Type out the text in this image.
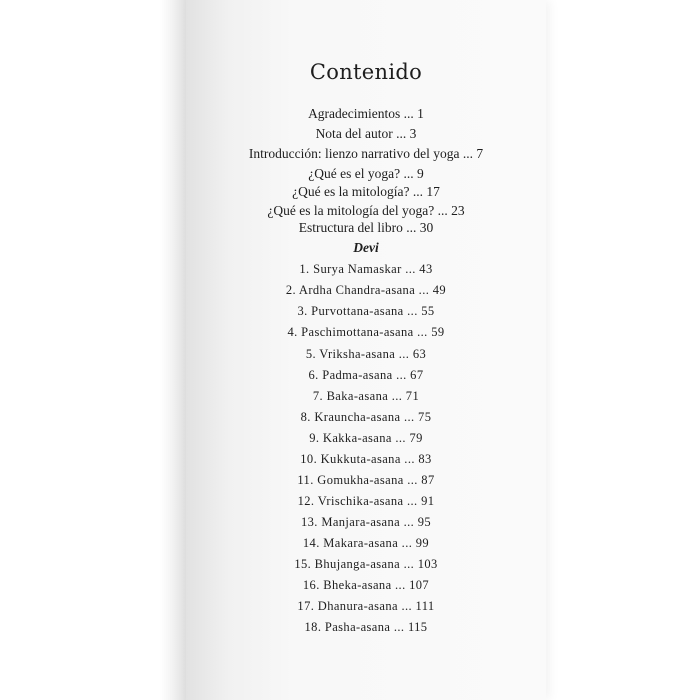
Contenido
Agradecimientos ... 1
Nota del autor ... 3
Introducción: lienzo narrativo del yoga ... 7
¿Qué es el yoga? ... 9
¿Qué es la mitología? ... 17
¿Qué es la mitología del yoga? ... 23
Estructura del libro ... 30
Devi
1. Surya Namaskar ... 43
2. Ardha Chandra-asana ... 49
3. Purvottana-asana ... 55
4. Paschimottana-asana ... 59
5. Vriksha-asana ... 63
6. Padma-asana ... 67
7. Baka-asana ... 71
8. Krauncha-asana ... 75
9. Kakka-asana ... 79
10. Kukkuta-asana ... 83
11. Gomukha-asana ... 87
12. Vrischika-asana ... 91
13. Manjara-asana ... 95
14. Makara-asana ... 99
15. Bhujanga-asana ... 103
16. Bheka-asana ... 107
17. Dhanura-asana ... 111
18. Pasha-asana ... 115
